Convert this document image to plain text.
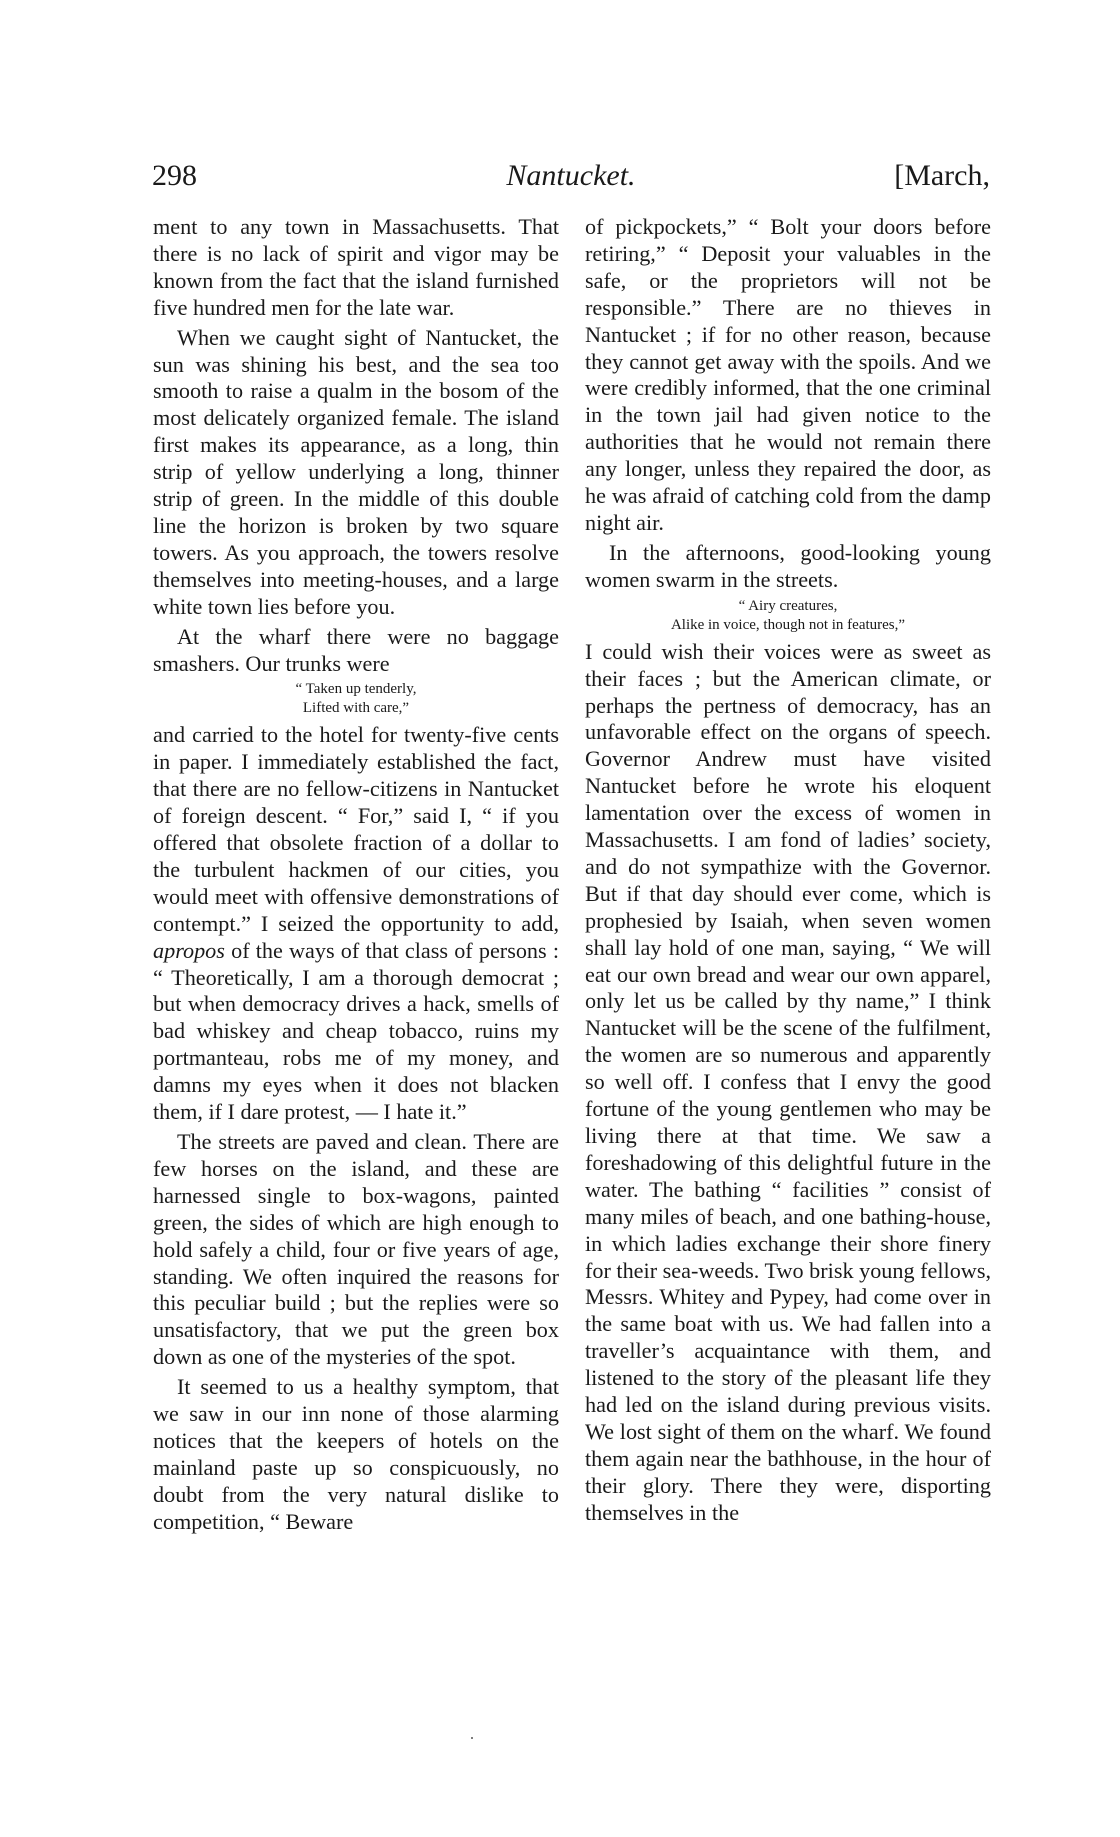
298	Nantucket.	[March,

ment to any town in Massachusetts. That there is no lack of spirit and vigor may be known from the fact that the island furnished five hundred men for the late war.

When we caught sight of Nantucket, the sun was shining his best, and the sea too smooth to raise a qualm in the bosom of the most delicately organized female. The island first makes its appearance, as a long, thin strip of yellow underlying a long, thinner strip of green. In the middle of this double line the horizon is broken by two square towers. As you approach, the towers resolve themselves into meeting-houses, and a large white town lies before you.

At the wharf there were no baggage smashers. Our trunks were

“ Taken up tenderly,
Lifted with care,”

and carried to the hotel for twenty-five cents in paper. I immediately established the fact, that there are no fellow-citizens in Nantucket of foreign descent. “ For,” said I, “ if you offered that obsolete fraction of a dollar to the turbulent hackmen of our cities, you would meet with offensive demonstrations of contempt.” I seized the opportunity to add, apropos of the ways of that class of persons : “ Theoretically, I am a thorough democrat ; but when democracy drives a hack, smells of bad whiskey and cheap tobacco, ruins my portmanteau, robs me of my money, and damns my eyes when it does not blacken them, if I dare protest, — I hate it.”

The streets are paved and clean. There are few horses on the island, and these are harnessed single to box-wagons, painted green, the sides of which are high enough to hold safely a child, four or five years of age, standing. We often inquired the reasons for this peculiar build ; but the replies were so unsatisfactory, that we put the green box down as one of the mysteries of the spot.

It seemed to us a healthy symptom, that we saw in our inn none of those alarming notices that the keepers of hotels on the mainland paste up so conspicuously, no doubt from the very natural dislike to competition, “ Beware

of pickpockets,” “ Bolt your doors before retiring,” “ Deposit your valuables in the safe, or the proprietors will not be responsible.” There are no thieves in Nantucket ; if for no other reason, because they cannot get away with the spoils. And we were credibly informed, that the one criminal in the town jail had given notice to the authorities that he would not remain there any longer, unless they repaired the door, as he was afraid of catching cold from the damp night air.

In the afternoons, good-looking young women swarm in the streets.

“ Airy creatures,
Alike in voice, though not in features,”

I could wish their voices were as sweet as their faces ; but the American climate, or perhaps the pertness of democracy, has an unfavorable effect on the organs of speech. Governor Andrew must have visited Nantucket before he wrote his eloquent lamentation over the excess of women in Massachusetts. I am fond of ladies’ society, and do not sympathize with the Governor. But if that day should ever come, which is prophesied by Isaiah, when seven women shall lay hold of one man, saying, “ We will eat our own bread and wear our own apparel, only let us be called by thy name,” I think Nantucket will be the scene of the fulfilment, the women are so numerous and apparently so well off. I confess that I envy the good fortune of the young gentlemen who may be living there at that time. We saw a foreshadowing of this delightful future in the water. The bathing “ facilities ” consist of many miles of beach, and one bathing-house, in which ladies exchange their shore finery for their sea-weeds. Two brisk young fellows, Messrs. Whitey and Pypey, had come over in the same boat with us. We had fallen into a traveller’s acquaintance with them, and listened to the story of the pleasant life they had led on the island during previous visits. We lost sight of them on the wharf. We found them again near the bathhouse, in the hour of their glory. There they were, disporting themselves in the
